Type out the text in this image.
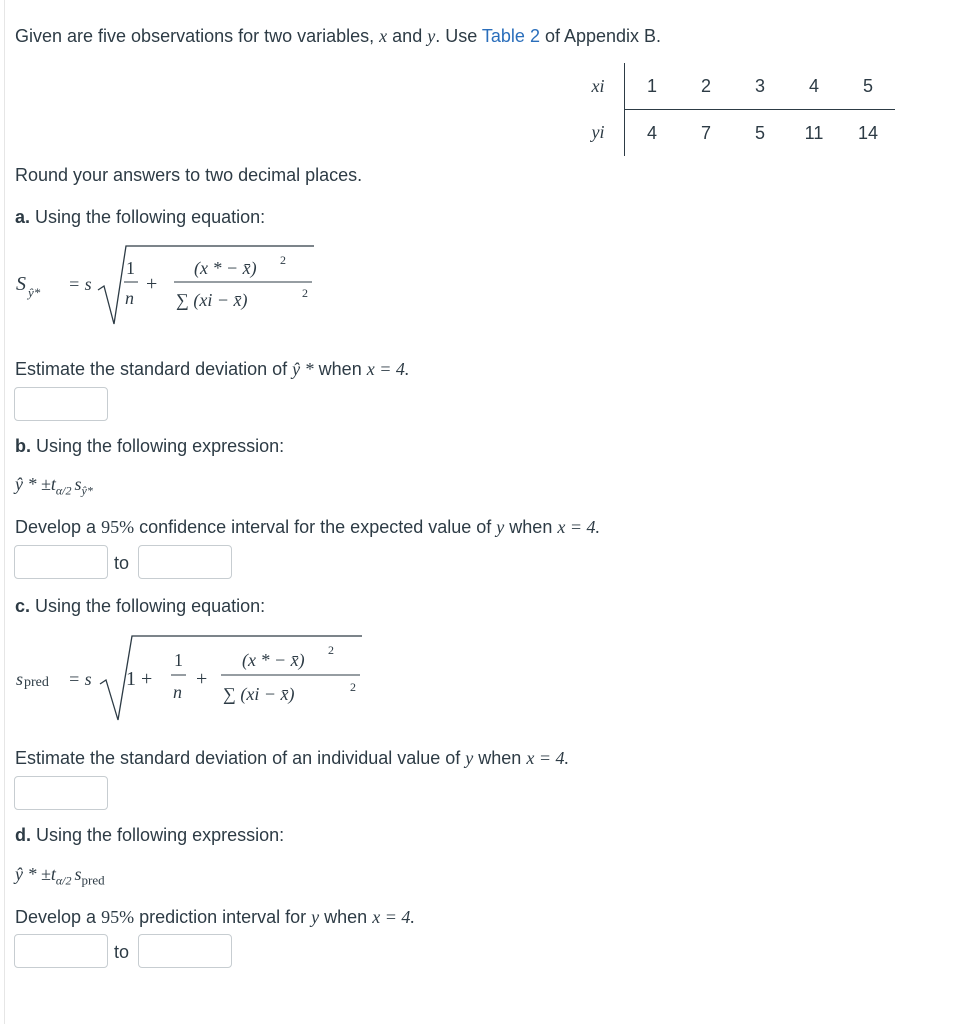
Given are five observations for two variables, x and y. Use Table 2 of Appendix B.
xi	1	2	3	4	5
yi	4	7	5	11	14
Round your answers to two decimal places.
a. Using the following equation:
S ŷ* = s
1
n
+
(x * − x̄) 2
∑ (xi − x̄)	2
Estimate the standard deviation of ŷ * when x = 4.
b. Using the following expression:
ŷ * $\pm t_{\alpha/2}$ $s_{ŷ*}$
Develop a 95% confidence interval for the expected value of y when x = 4.
to
c. Using the following equation:
s pred = s 1 +
1
n
+
(x * − x̄) 2
∑ (xi − x̄)	2
Estimate the standard deviation of an individual value of y when x = 4.
d. Using the following expression:
ŷ * $\pm t_{\alpha/2}$ $s_{pred}$
Develop a 95% prediction interval for y when x = 4.
to
